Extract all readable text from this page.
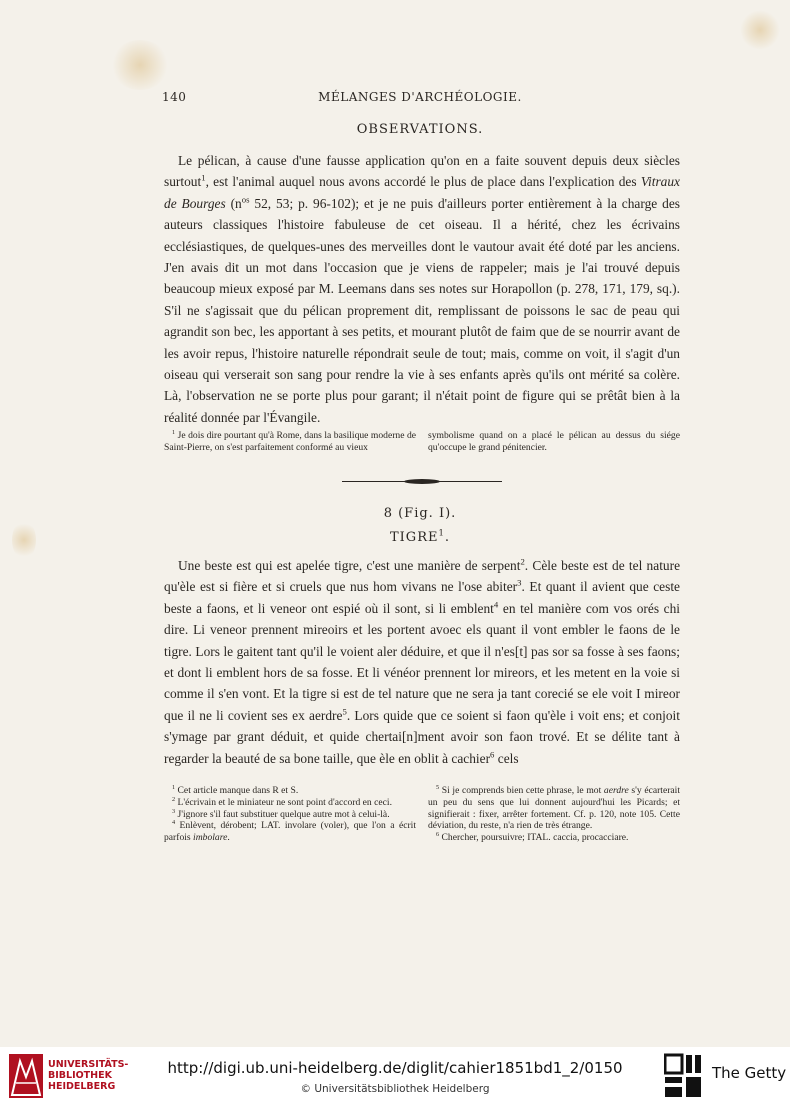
140	MÉLANGES D'ARCHÉOLOGIE.
OBSERVATIONS.

Le pélican, à cause d'une fausse application qu'on en a faite souvent depuis deux siècles surtout$^1$, est l'animal auquel nous avons accordé le plus de place dans l'explication des Vitraux de Bourges ($n^{os}$ 52, 53; p. 96-102); et je ne puis d'ailleurs porter entièrement à la charge des auteurs classiques l'histoire fabuleuse de cet oiseau. Il a hérité, chez les écrivains ecclésiastiques, de quelques-unes des merveilles dont le vautour avait été doté par les anciens. J'en avais dit un mot dans l'occasion que je viens de rappeler; mais je l'ai trouvé depuis beaucoup mieux exposé par M. Leemans dans ses notes sur Horapollon (p. 278, 171, 179, sq.). S'il ne s'agissait que du pélican proprement dit, remplissant de poissons le sac de peau qui agrandit son bec, les apportant à ses petits, et mourant plutôt de faim que de se nourrir avant de les avoir repus, l'histoire naturelle répondrait seule de tout; mais, comme on voit, il s'agit d'un oiseau qui verserait son sang pour rendre la vie à ses enfants après qu'ils ont mérité sa colère. Là, l'observation ne se porte plus pour garant; il n'était point de figure qui se prêtât bien à la réalité donnée par l'Évangile.

$^1$ Je dois dire pourtant qu'à Rome, dans la basilique moderne de Saint-Pierre, on s'est parfaitement conformé au vieux

symbolisme quand on a placé le pélican au dessus du siége qu'occupe le grand pénitencier.

8 (Fig. I).
TIGRE$^1$.

Une beste est qui est apelée tigre, c'est une manière de serpent$^2$. Cèle beste est de tel nature qu'èle est si fière et si cruels que nus hom vivans ne l'ose abiter$^3$. Et quant il avient que ceste beste a faons, et li veneor ont espié où il sont, si li emblent$^4$ en tel manière com vos orés chi dire. Li veneor prennent mireoirs et les portent avoec els quant il vont embler le faons de le tigre. Lors le gaitent tant qu'il le voient aler déduire, et que il n'es[t] pas sor sa fosse à ses faons; et dont li emblent hors de sa fosse. Et li vénéor prennent lor mireors, et les metent en la voie si comme il s'en vont. Et la tigre si est de tel nature que ne sera ja tant corecié se ele voit I mireor que il ne li covient ses ex aerdre$^5$. Lors quide que ce soient si faon qu'èle i voit ens; et conjoit s'ymage par grant déduit, et quide chertai[n]ment avoir son faon trové. Et se délite tant à regarder la beauté de sa bone taille, que èle en oblit à cachier$^6$ cels

$^1$ Cet article manque dans R et S.

$^2$ L'écrivain et le miniateur ne sont point d'accord en ceci.

$^3$ J'ignore s'il faut substituer quelque autre mot à celui-là.

$^4$ Enlèvent, dérobent; LAT. involare (voler), que l'on a écrit parfois imbolare.

$^5$ Si je comprends bien cette phrase, le mot aerdre s'y écarterait un peu du sens que lui donnent aujourd'hui les Picards; et signifierait : fixer, arrêter fortement. Cf. p. 120, note 105. Cette déviation, du reste, n'a rien de très étrange.

$^6$ Chercher, poursuivre; ITAL. caccia, procacciare.

UNIVERSITÄTS-
BIBLIOTHEK
HEIDELBERG
http://digi.ub.uni-heidelberg.de/diglit/cahier1851bd1_2/0150
© Universitätsbibliothek Heidelberg
The Getty
